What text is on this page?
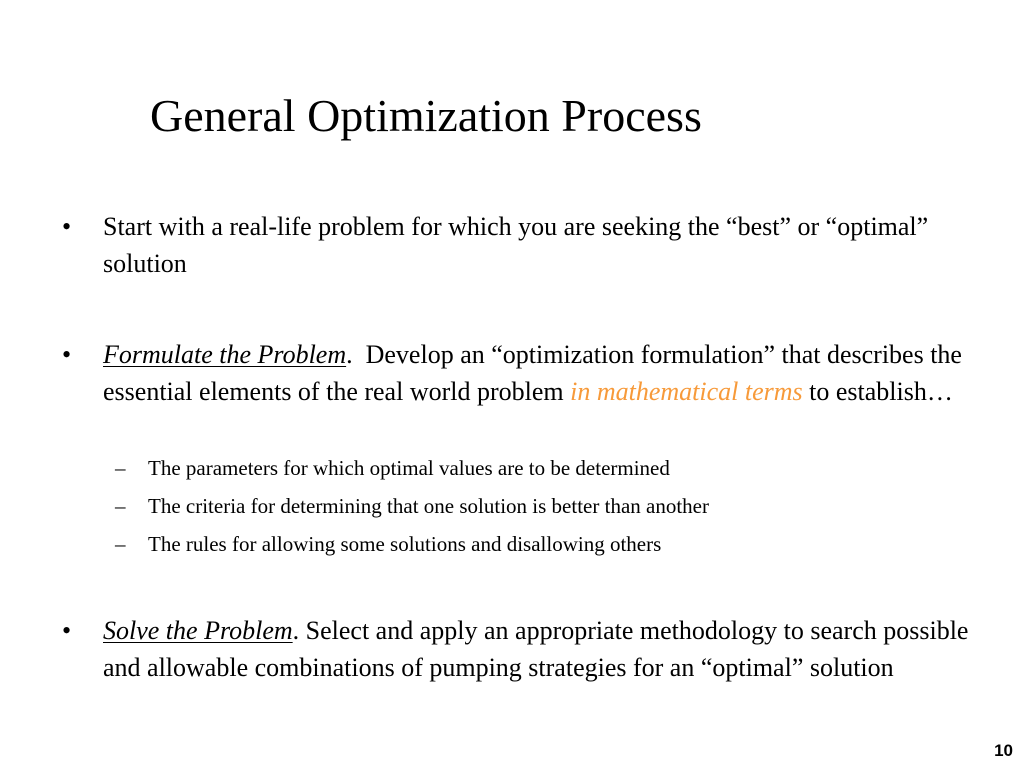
General Optimization Process
• Start with a real-life problem for which you are seeking the “best” or “optimal” solution
• Formulate the Problem.  Develop an “optimization formulation” that describes the essential elements of the real world problem in mathematical terms to establish…
– The parameters for which optimal values are to be determined
– The criteria for determining that one solution is better than another
– The rules for allowing some solutions and disallowing others
• Solve the Problem. Select and apply an appropriate methodology to search possible and allowable combinations of pumping strategies for an “optimal” solution
10
